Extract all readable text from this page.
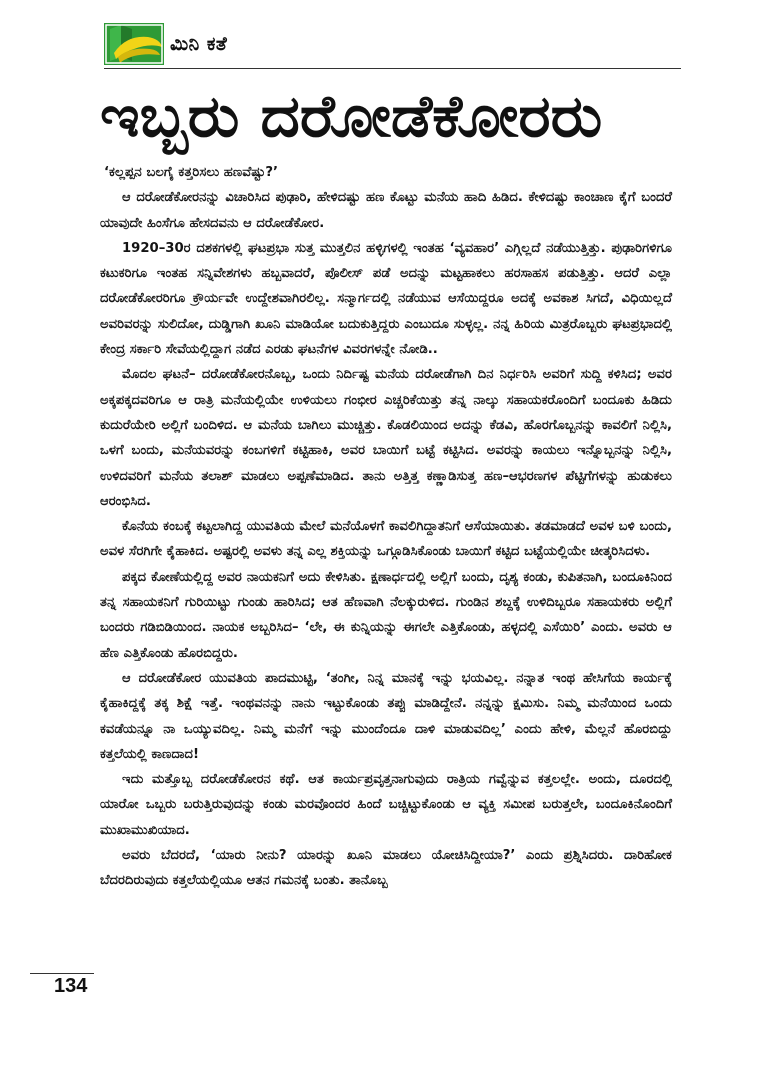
ಮಿನಿ ಕತೆ
ಇಬ್ಬರು ದರೋಡೆಕೋರರು

‘ಕಲ್ಲಪ್ಪನ ಬಲಗೈ ಕತ್ತರಿಸಲು ಹಣವೆಷ್ಟು?’

ಆ ದರೋಡೆಕೋರನನ್ನು ವಿಚಾರಿಸಿದ ಪುಢಾರಿ, ಹೇಳಿದಷ್ಟು ಹಣ ಕೊಟ್ಟು ಮನೆಯ ಹಾದಿ ಹಿಡಿದ. ಕೇಳಿದಷ್ಟು ಕಾಂಚಾಣ ಕೈಗೆ ಬಂದರೆ ಯಾವುದೇ ಹಿಂಸೆಗೂ ಹೇಸದವನು ಆ ದರೋಡೆಕೋರ.

1920–30ರ ದಶಕಗಳಲ್ಲಿ ಘಟಪ್ರಭಾ ಸುತ್ತ ಮುತ್ತಲಿನ ಹಳ್ಳಿಗಳಲ್ಲಿ ಇಂತಹ ‘ವ್ಯವಹಾರ’ ಎಗ್ಗಿಲ್ಲದೆ ನಡೆಯುತ್ತಿತ್ತು. ಪುಢಾರಿಗಳಿಗೂ ಕಟುಕರಿಗೂ ಇಂತಹ ಸನ್ನಿವೇಶಗಳು ಹಬ್ಬವಾದರೆ, ಪೊಲೀಸ್ ಪಡೆ ಅದನ್ನು ಮಟ್ಟಹಾಕಲು ಹರಸಾಹಸ ಪಡುತ್ತಿತ್ತು. ಆದರೆ ಎಲ್ಲಾ ದರೋಡೆಕೋರರಿಗೂ ಕ್ರೌರ್ಯವೇ ಉದ್ದೇಶವಾಗಿರಲಿಲ್ಲ. ಸನ್ಮಾರ್ಗದಲ್ಲಿ ನಡೆಯುವ ಆಸೆಯಿದ್ದರೂ ಅದಕ್ಕೆ ಅವಕಾಶ ಸಿಗದೆ, ವಿಧಿಯಿಲ್ಲದೆ ಅವರಿವರನ್ನು ಸುಲಿದೋ, ದುಡ್ಡಿಗಾಗಿ ಖೂನಿ ಮಾಡಿಯೋ ಬದುಕುತ್ತಿದ್ದರು ಎಂಬುದೂ ಸುಳ್ಳಲ್ಲ. ನನ್ನ ಹಿರಿಯ ಮಿತ್ರರೊಬ್ಬರು ಘಟಪ್ರಭಾದಲ್ಲಿ ಕೇಂದ್ರ ಸರ್ಕಾರಿ ಸೇವೆಯಲ್ಲಿದ್ದಾಗ ನಡೆದ ಎರಡು ಘಟನೆಗಳ ವಿವರಗಳನ್ನೇ ನೋಡಿ..

ಮೊದಲ ಘಟನೆ– ದರೋಡೆಕೋರನೊಬ್ಬ, ಒಂದು ನಿರ್ದಿಷ್ಟ ಮನೆಯ ದರೋಡೆಗಾಗಿ ದಿನ ನಿರ್ಧರಿಸಿ ಅವರಿಗೆ ಸುದ್ದಿ ಕಳಿಸಿದ; ಅವರ ಅಕ್ಕಪಕ್ಕದವರಿಗೂ ಆ ರಾತ್ರಿ ಮನೆಯಲ್ಲಿಯೇ ಉಳಿಯಲು ಗಂಭೀರ ಎಚ್ಚರಿಕೆಯಿತ್ತು ತನ್ನ ನಾಲ್ಕು ಸಹಾಯಕರೊಂದಿಗೆ ಬಂದೂಕು ಹಿಡಿದು ಕುದುರೆಯೇರಿ ಅಲ್ಲಿಗೆ ಬಂದಿಳಿದ. ಆ ಮನೆಯ ಬಾಗಿಲು ಮುಚ್ಚಿತ್ತು. ಕೊಡಲಿಯಿಂದ ಅದನ್ನು ಕೆಡವಿ, ಹೊರಗೊಬ್ಬನನ್ನು ಕಾವಲಿಗೆ ನಿಲ್ಲಿಸಿ, ಒಳಗೆ ಬಂದು, ಮನೆಯವರನ್ನು ಕಂಬಗಳಿಗೆ ಕಟ್ಟಿಹಾಕಿ, ಅವರ ಬಾಯಿಗೆ ಬಟ್ಟೆ ಕಟ್ಟಿಸಿದ. ಅವರನ್ನು ಕಾಯಲು ಇನ್ನೊಬ್ಬನನ್ನು ನಿಲ್ಲಿಸಿ, ಉಳಿದವರಿಗೆ ಮನೆಯ ತಲಾಶ್ ಮಾಡಲು ಅಪ್ಪಣೆಮಾಡಿದ. ತಾನು ಅತ್ತಿತ್ತ ಕಣ್ಣಾಡಿಸುತ್ತ ಹಣ–ಆಭರಣಗಳ ಪೆಟ್ಟಿಗೆಗಳನ್ನು ಹುಡುಕಲು ಆರಂಭಿಸಿದ.

ಕೊನೆಯ ಕಂಬಕ್ಕೆ ಕಟ್ಟಲಾಗಿದ್ದ ಯುವತಿಯ ಮೇಲೆ ಮನೆಯೊಳಗೆ ಕಾವಲಿಗಿದ್ದಾತನಿಗೆ ಆಸೆಯಾಯಿತು. ತಡಮಾಡದೆ ಅವಳ ಬಳಿ ಬಂದು, ಅವಳ ಸೆರಗಿಗೇ ಕೈಹಾಕಿದ. ಅಷ್ಟರಲ್ಲಿ ಅವಳು ತನ್ನ ಎಲ್ಲ ಶಕ್ತಿಯನ್ನು ಒಗ್ಗೂಡಿಸಿಕೊಂಡು ಬಾಯಿಗೆ ಕಟ್ಟಿದ ಬಟ್ಟೆಯಲ್ಲಿಯೇ ಚೀತ್ಕರಿಸಿದಳು.

ಪಕ್ಕದ ಕೋಣೆಯಲ್ಲಿದ್ದ ಅವರ ನಾಯಕನಿಗೆ ಅದು ಕೇಳಿಸಿತು. ಕ್ಷಣಾರ್ಧದಲ್ಲಿ ಅಲ್ಲಿಗೆ ಬಂದು, ದೃಶ್ಯ ಕಂಡು, ಕುಪಿತನಾಗಿ, ಬಂದೂಕಿನಿಂದ ತನ್ನ ಸಹಾಯಕನಿಗೆ ಗುರಿಯಿಟ್ಟು ಗುಂಡು ಹಾರಿಸಿದ; ಆತ ಹೆಣವಾಗಿ ನೆಲಕ್ಕುರುಳಿದ. ಗುಂಡಿನ ಶಬ್ದಕ್ಕೆ ಉಳಿದಿಬ್ಬರೂ ಸಹಾಯಕರು ಅಲ್ಲಿಗೆ ಬಂದರು ಗಡಿಬಿಡಿಯಿಂದ. ನಾಯಕ ಅಬ್ಬರಿಸಿದ– ‘ಲೇ, ಈ ಕುನ್ನಿಯನ್ನು ಈಗಲೇ ಎತ್ತಿಕೊಂಡು, ಹಳ್ಳದಲ್ಲಿ ಎಸೆಯಿರಿ’ ಎಂದು. ಅವರು ಆ ಹೆಣ ಎತ್ತಿಕೊಂಡು ಹೊರಬಿದ್ದರು.

ಆ ದರೋಡೆಕೋರ ಯುವತಿಯ ಪಾದಮುಟ್ಟಿ, ‘ತಂಗೀ, ನಿನ್ನ ಮಾನಕ್ಕೆ ಇನ್ನು ಭಯವಿಲ್ಲ. ನನ್ನಾತ ಇಂಥ ಹೇಸಿಗೆಯ ಕಾರ್ಯಕ್ಕೆ ಕೈಹಾಕಿದ್ದಕ್ಕೆ ತಕ್ಕ ಶಿಕ್ಷೆ ಇತ್ತೆ. ಇಂಥವನನ್ನು ನಾನು ಇಟ್ಟುಕೊಂಡು ತಪ್ಪು ಮಾಡಿದ್ದೇನೆ. ನನ್ನನ್ನು ಕ್ಷಮಿಸು. ನಿಮ್ಮ ಮನೆಯಿಂದ ಒಂದು ಕವಡೆಯನ್ನೂ ನಾ ಒಯ್ಯುವದಿಲ್ಲ. ನಿಮ್ಮ ಮನೆಗೆ ಇನ್ನು ಮುಂದೆಂದೂ ದಾಳಿ ಮಾಡುವದಿಲ್ಲ’ ಎಂದು ಹೇಳಿ, ಮೆಲ್ಲನೆ ಹೊರಬಿದ್ದು ಕತ್ತಲೆಯಲ್ಲಿ ಕಾಣದಾದ!

ಇದು ಮತ್ತೊಬ್ಬ ದರೋಡೆಕೋರನ ಕಥೆ. ಆತ ಕಾರ್ಯಪ್ರವೃತ್ತನಾಗುವುದು ರಾತ್ರಿಯ ಗವ್ವೆನ್ನುವ ಕತ್ತಲಲ್ಲೇ. ಅಂದು, ದೂರದಲ್ಲಿ ಯಾರೋ ಒಬ್ಬರು ಬರುತ್ತಿರುವುದನ್ನು ಕಂಡು ಮರವೊಂದರ ಹಿಂದೆ ಬಚ್ಚಿಟ್ಟುಕೊಂಡು ಆ ವ್ಯಕ್ತಿ ಸಮೀಪ ಬರುತ್ತಲೇ, ಬಂದೂಕಿನೊಂದಿಗೆ ಮುಖಾಮುಖಿಯಾದ.

ಅವರು ಬೆದರದೆ, ‘ಯಾರು ನೀನು? ಯಾರನ್ನು ಖೂನಿ ಮಾಡಲು ಯೋಚಿಸಿದ್ದೀಯಾ?’ ಎಂದು ಪ್ರಶ್ನಿಸಿದರು. ದಾರಿಹೋಕ ಬೆದರದಿರುವುದು ಕತ್ತಲೆಯಲ್ಲಿಯೂ ಆತನ ಗಮನಕ್ಕೆ ಬಂತು. ತಾನೊಬ್ಬ

134
